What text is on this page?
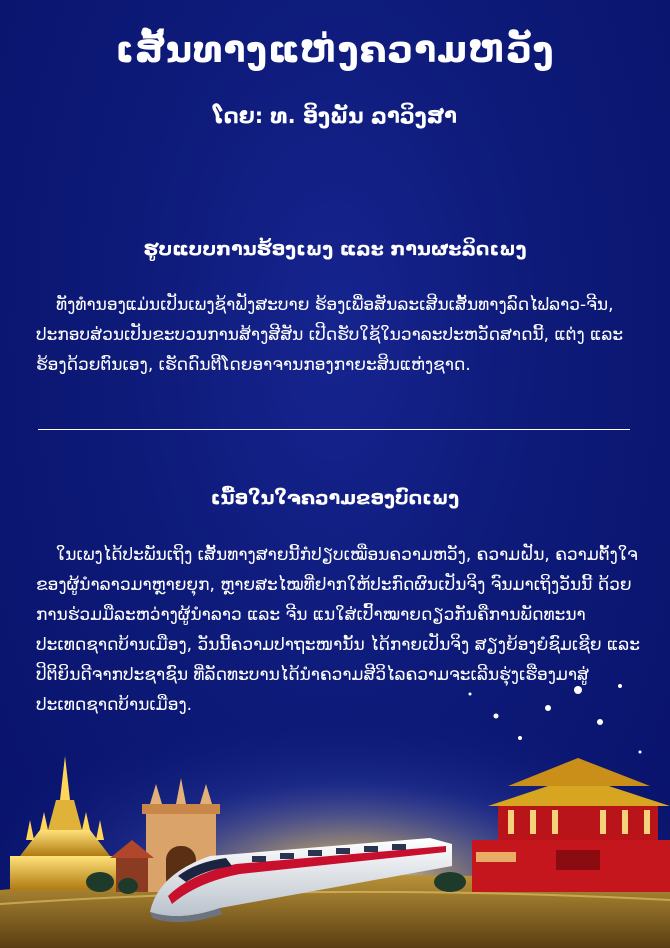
ເສັ້ນທາງແຫ່ງຄວາມຫວັງ
ໂດຍ: ທ. ອິງພັນ ລາວິງສາ
ຮູບແບບການຮ້ອງເພງ ແລະ ການຜະລິດເພງ
ທັງທຳນອງແມ່ນເປັນເພງຊ້າຟັງສະບາຍ ຮ້ອງເພື່ອສັນລະເສີນເສັ້ນທາງລົດໄຟລາວ-ຈີນ, ປະກອບສ່ວນເປັນຂະບວນການສ້າງສີສັນ ເປີດຮັບໃຊ້ໃນວາລະປະຫວັດສາດນີ້, ແຕ່ງ ແລະ ຮ້ອງດ້ວຍຕົນເອງ, ເຮັດດົນຕີໂດຍອາຈານກອງກາຍະສິນແຫ່ງຊາດ.
ເນື້ອໃນໃຈຄວາມຂອງບົດເພງ
ໃນເພງໄດ້ປະພັນເຖິງ ເສັ້ນທາງສາຍນີ້ກໍປຽບເໝືອນຄວາມຫວັງ, ຄວາມຝັນ, ຄວາມຕັ້ງໃຈຂອງຜູ້ນຳລາວມາຫຼາຍຍຸກ, ຫຼາຍສະໄໝທີ່ຢາກໃຫ້ປະກົດຜົນເປັນຈິງ ຈົນມາເຖິງວັນນີ້ ດ້ວຍການຮ່ວມມືລະຫວ່າງຜູ້ນຳລາວ ແລະ ຈີນ ແນໃສ່ເປົ້າໝາຍດຽວກັນຄືການພັດທະນາປະເທດຊາດບ້ານເມືອງ, ວັນນີ້ຄວາມປາຖະໜານັ້ນ ໄດ້ກາຍເປັນຈິງ ສຽງຍ້ອງຍໍຊົມເຊີຍ ແລະ
